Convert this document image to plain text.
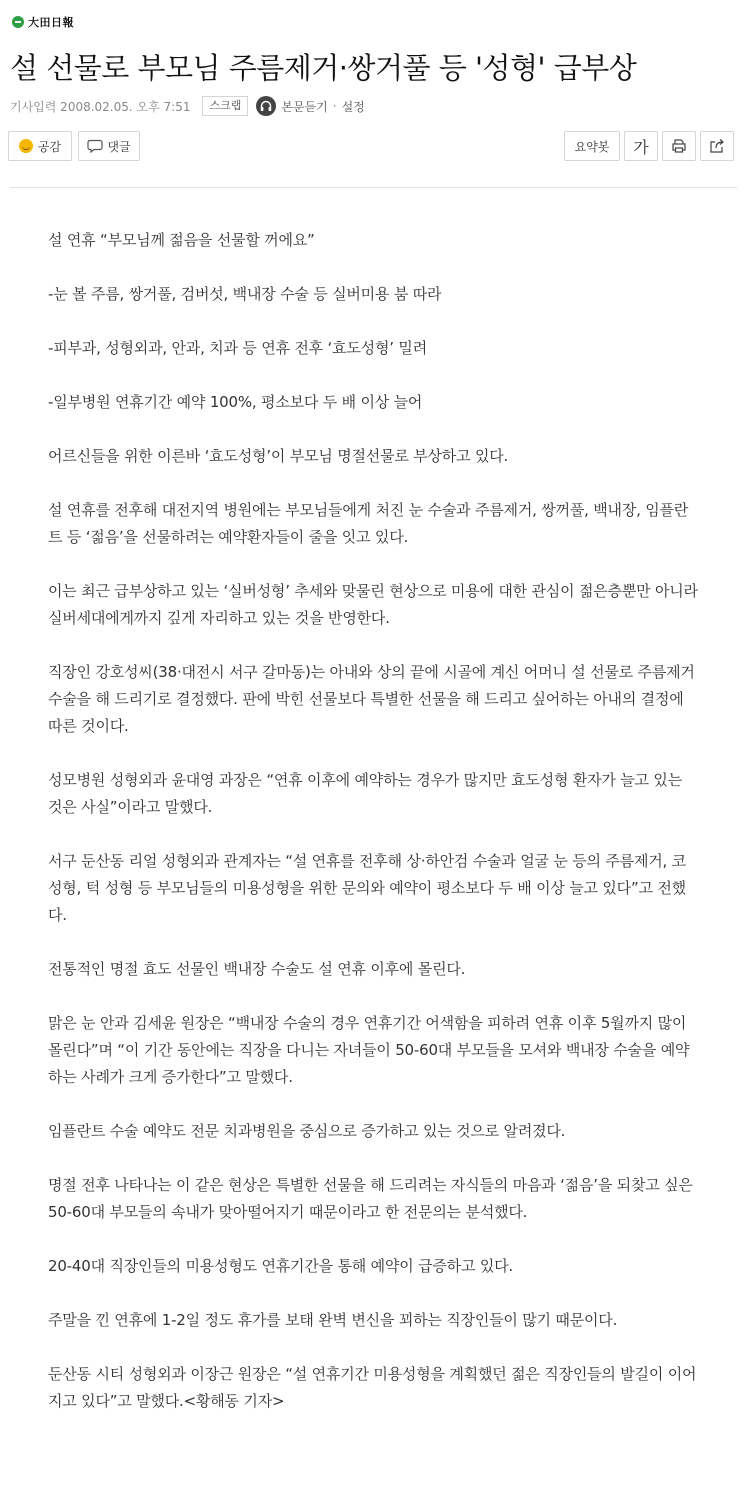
大田日報
설 선물로 부모님 주름제거·쌍거풀 등 '성형' 급부상
기사입력 2008.02.05. 오후 7:51	스크랩	본문듣기 · 설정
공감	댓글	요약봇 가

설 연휴 “부모님께 젊음을 선물할 꺼에요”

-눈 볼 주름, 쌍거풀, 검버섯, 백내장 수술 등 실버미용 붐 따라

-피부과, 성형외과, 안과, 치과 등 연휴 전후 ‘효도성형’ 밀려

-일부병원 연휴기간 예약 100%, 평소보다 두 배 이상 늘어

어르신들을 위한 이른바 ‘효도성형’이 부모님 명절선물로 부상하고 있다.

설 연휴를 전후해 대전지역 병원에는 부모님들에게 처진 눈 수술과 주름제거, 쌍꺼풀, 백내장, 임플란트 등 ‘젊음’을 선물하려는 예약환자들이 줄을 잇고 있다.

이는 최근 급부상하고 있는 ‘실버성형’ 추세와 맞물린 현상으로 미용에 대한 관심이 젊은층뿐만 아니라 실버세대에게까지 깊게 자리하고 있는 것을 반영한다.

직장인 강호성씨(38·대전시 서구 갈마동)는 아내와 상의 끝에 시골에 계신 어머니 설 선물로 주름제거 수술을 해 드리기로 결정했다. 판에 박힌 선물보다 특별한 선물을 해 드리고 싶어하는 아내의 결정에 따른 것이다.

성모병원 성형외과 윤대영 과장은 “연휴 이후에 예약하는 경우가 많지만 효도성형 환자가 늘고 있는 것은 사실”이라고 말했다.

서구 둔산동 리얼 성형외과 관계자는 “설 연휴를 전후해 상·하안검 수술과 얼굴 눈 등의 주름제거, 코 성형, 턱 성형 등 부모님들의 미용성형을 위한 문의와 예약이 평소보다 두 배 이상 늘고 있다”고 전했다.

전통적인 명절 효도 선물인 백내장 수술도 설 연휴 이후에 몰린다.

맑은 눈 안과 김세윤 원장은 “백내장 수술의 경우 연휴기간 어색함을 피하려 연휴 이후 5월까지 많이 몰린다”며 “이 기간 동안에는 직장을 다니는 자녀들이 50-60대 부모들을 모셔와 백내장 수술을 예약하는 사례가 크게 증가한다”고 말했다.

임플란트 수술 예약도 전문 치과병원을 중심으로 증가하고 있는 것으로 알려졌다.

명절 전후 나타나는 이 같은 현상은 특별한 선물을 해 드리려는 자식들의 마음과 ‘젊음’을 되찾고 싶은 50-60대 부모들의 속내가 맞아떨어지기 때문이라고 한 전문의는 분석했다.

20-40대 직장인들의 미용성형도 연휴기간을 통해 예약이 급증하고 있다.

주말을 낀 연휴에 1-2일 정도 휴가를 보태 완벽 변신을 꾀하는 직장인들이 많기 때문이다.

둔산동 시티 성형외과 이장근 원장은 “설 연휴기간 미용성형을 계획했던 젊은 직장인들의 발길이 이어지고 있다”고 말했다.<황해동 기자>
